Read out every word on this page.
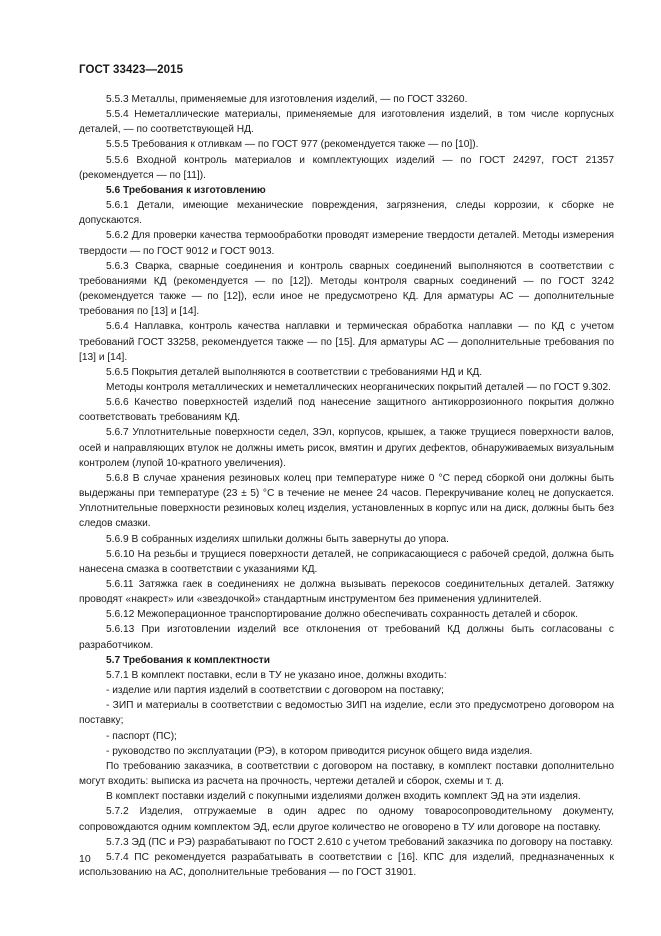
ГОСТ 33423—2015

5.5.3 Металлы, применяемые для изготовления изделий, — по ГОСТ 33260.

5.5.4 Неметаллические материалы, применяемые для изготовления изделий, в том числе корпусных деталей, — по соответствующей НД.

5.5.5 Требования к отливкам — по ГОСТ 977 (рекомендуется также — по [10]).

5.5.6 Входной контроль материалов и комплектующих изделий — по ГОСТ 24297, ГОСТ 21357 (рекомендуется — по [11]).

5.6 Требования к изготовлению

5.6.1 Детали, имеющие механические повреждения, загрязнения, следы коррозии, к сборке не допускаются.

5.6.2 Для проверки качества термообработки проводят измерение твердости деталей. Методы измерения твердости — по ГОСТ 9012 и ГОСТ 9013.

5.6.3 Сварка, сварные соединения и контроль сварных соединений выполняются в соответствии с требованиями КД (рекомендуется — по [12]). Методы контроля сварных соединений — по ГОСТ 3242 (рекомендуется также — по [12]), если иное не предусмотрено КД. Для арматуры АС — дополнительные требования по [13] и [14].

5.6.4 Наплавка, контроль качества наплавки и термическая обработка наплавки — по КД с учетом требований ГОСТ 33258, рекомендуется также — по [15]. Для арматуры АС — дополнительные требования по [13] и [14].

5.6.5 Покрытия деталей выполняются в соответствии с требованиями НД и КД.

Методы контроля металлических и неметаллических неорганических покрытий деталей — по ГОСТ 9.302.

5.6.6 Качество поверхностей изделий под нанесение защитного антикоррозионного покрытия должно соответствовать требованиям КД.

5.6.7 Уплотнительные поверхности седел, ЗЭл, корпусов, крышек, а также трущиеся поверхности валов, осей и направляющих втулок не должны иметь рисок, вмятин и других дефектов, обнаруживаемых визуальным контролем (лупой 10-кратного увеличения).

5.6.8 В случае хранения резиновых колец при температуре ниже 0 °С перед сборкой они должны быть выдержаны при температуре (23 ± 5) °С в течение не менее 24 часов. Перекручивание колец не допускается. Уплотнительные поверхности резиновых колец изделия, установленных в корпус или на диск, должны быть без следов смазки.

5.6.9 В собранных изделиях шпильки должны быть завернуты до упора.

5.6.10 На резьбы и трущиеся поверхности деталей, не соприкасающиеся с рабочей средой, должна быть нанесена смазка в соответствии с указаниями КД.

5.6.11 Затяжка гаек в соединениях не должна вызывать перекосов соединительных деталей. Затяжку проводят «накрест» или «звездочкой» стандартным инструментом без применения удлинителей.

5.6.12 Межоперационное транспортирование должно обеспечивать сохранность деталей и сборок.

5.6.13 При изготовлении изделий все отклонения от требований КД должны быть согласованы с разработчиком.

5.7 Требования к комплектности

5.7.1 В комплект поставки, если в ТУ не указано иное, должны входить:

- изделие или партия изделий в соответствии с договором на поставку;

- ЗИП и материалы в соответствии с ведомостью ЗИП на изделие, если это предусмотрено договором на поставку;

- паспорт (ПС);

- руководство по эксплуатации (РЭ), в котором приводится рисунок общего вида изделия.

По требованию заказчика, в соответствии с договором на поставку, в комплект поставки дополнительно могут входить: выписка из расчета на прочность, чертежи деталей и сборок, схемы и т. д.

В комплект поставки изделий с покупными изделиями должен входить комплект ЭД на эти изделия.

5.7.2 Изделия, отгружаемые в один адрес по одному товаросопроводительному документу, сопровождаются одним комплектом ЭД, если другое количество не оговорено в ТУ или договоре на поставку.

5.7.3 ЭД (ПС и РЭ) разрабатывают по ГОСТ 2.610 с учетом требований заказчика по договору на поставку.

5.7.4 ПС рекомендуется разрабатывать в соответствии с [16]. КПС для изделий, предназначенных к использованию на АС, дополнительные требования — по ГОСТ 31901.

10
